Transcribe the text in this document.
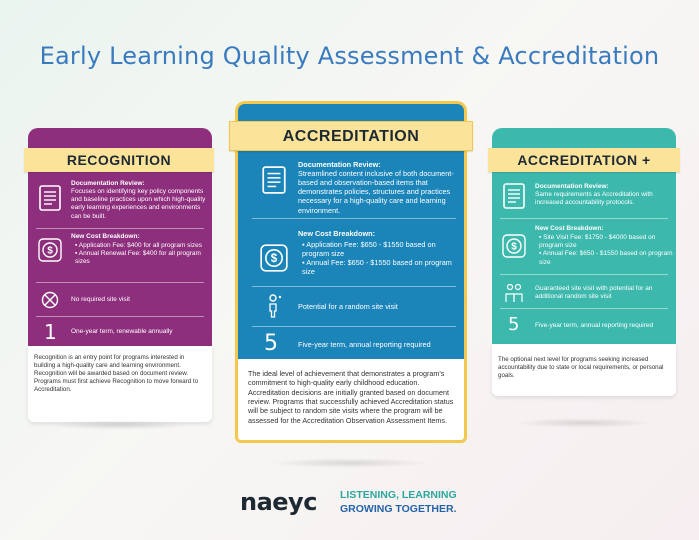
Early Learning Quality Assessment & Accreditation
Documentation Review:
Focuses on identifying key policy components and baseline practices upon which high-quality early learning experiences and environments can be built.
$
New Cost Breakdown:
▪ Application Fee: $400 for all program sizes
▪ Annual Renewal Fee: $400 for all program sizes
No required site visit
1 One-year term, renewable annually
RECOGNITION
Recognition is an entry point for programs interested in building a high-quality care and learning environment. Recognition will be awarded based on document review. Programs must first achieve Recognition to move forward to Accreditation.
Documentation Review:
Streamlined content inclusive of both document-based and observation-based items that demonstrates policies, structures and practices necessary for a high-quality care and learning environment.
$
New Cost Breakdown:
▪ Application Fee: $650 - $1550 based on program size
▪ Annual Fee: $650 - $1550 based on program size
Potential for a random site visit
5	Five-year term, annual reporting required
ACCREDITATION
The ideal level of achievement that demonstrates a program's commitment to high-quality early childhood education. Accreditation decisions are initially granted based on document review. Programs that successfully achieved Accreditation status will be subject to random site visits where the program will be assessed for the Accreditation Observation Assessment Items.
Documentation Review:
Same requirements as Accreditation with increased accountability protocols.
$
New Cost Breakdown:
▪ Site Visit Fee: $1750 - $4000 based on program size
▪ Annual Fee: $650 - $1550 based on program size
Guaranteed site visit with potential for an additional random site visit
5 Five-year term, annual reporting required
ACCREDITATION +
The optional next level for programs seeking increased accountability due to state or local requirements, or personal goals.
naeyc LISTENING, LEARNING
GROWING TOGETHER.
